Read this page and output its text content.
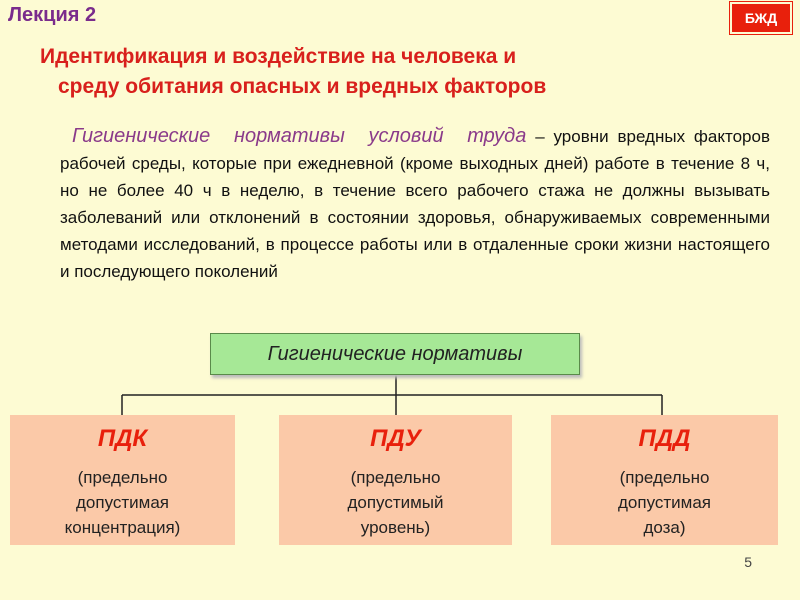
Лекция 2	БЖД
Идентификация и воздействие на человека и
среду обитания опасных и вредных факторов
Гигиенические нормативы условий труда – уровни вредных факторов рабочей среды, которые при ежедневной (кроме выходных дней) работе в течение 8 ч, но не более 40 ч в неделю, в течение всего рабочего стажа не должны вызывать заболеваний или отклонений в состоянии здоровья, обнаруживаемых современными методами исследований, в процессе работы или в отдаленные сроки жизни настоящего и последующего поколений
Гигиенические нормативы
ПДК
(предельно
допустимая
концентрация)
ПДУ
(предельно
допустимый
уровень)
ПДД
(предельно
допустимая
доза)
5
